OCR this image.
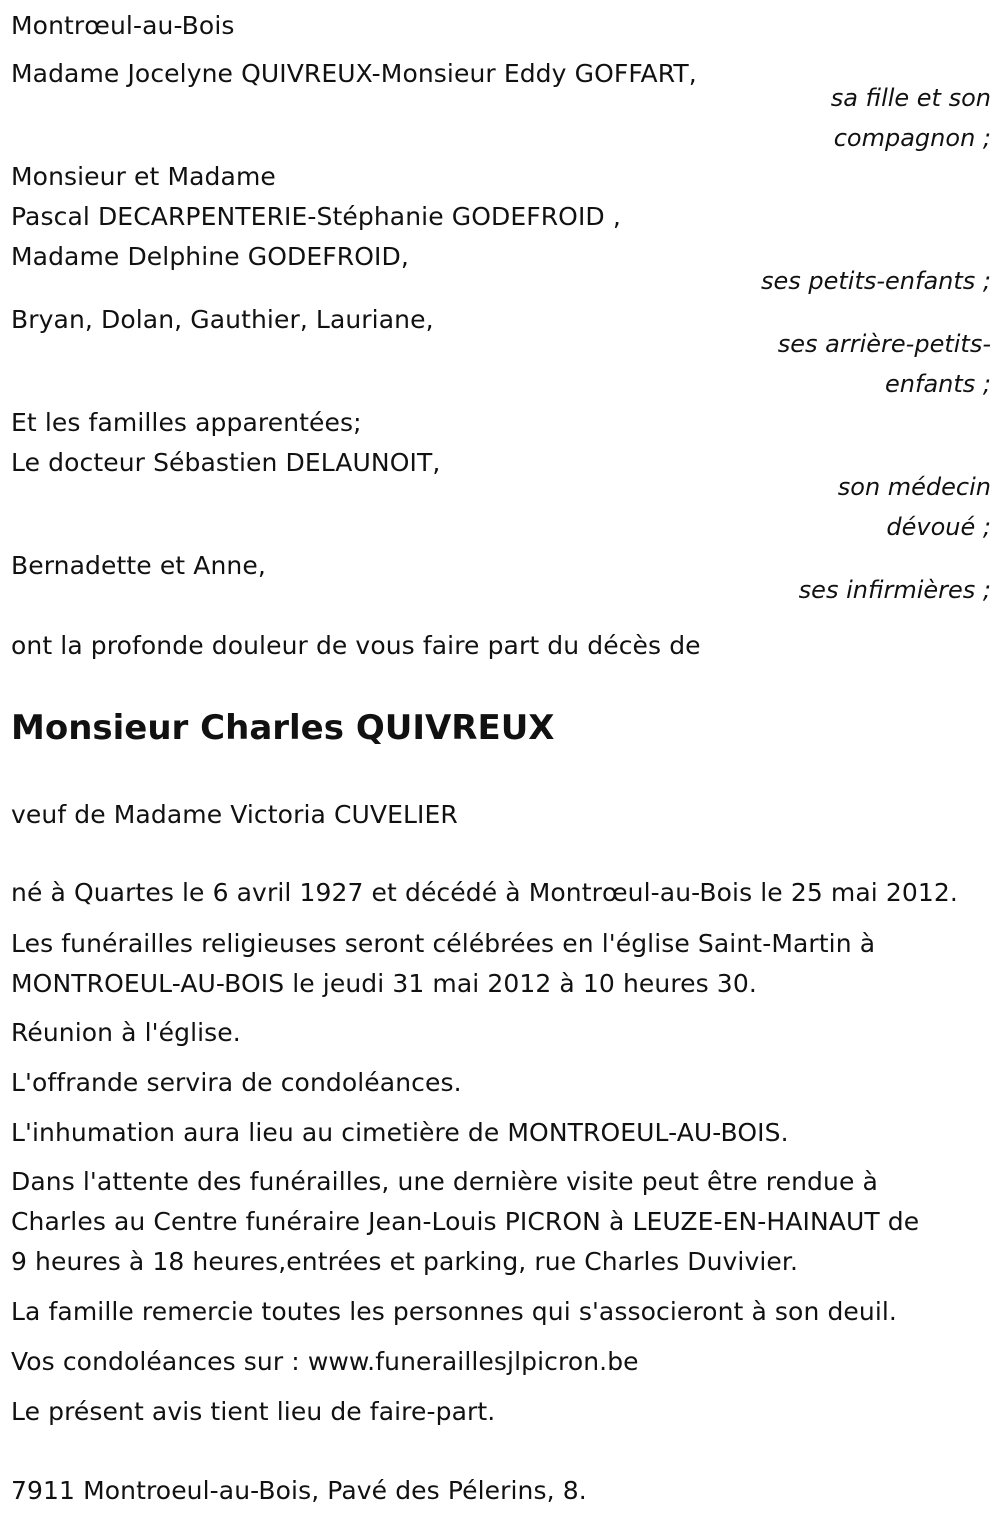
Montrœul-au-Bois
Madame Jocelyne QUIVREUX-Monsieur Eddy GOFFART,
sa fille et son
compagnon ;
Monsieur et Madame
Pascal DECARPENTERIE-Stéphanie GODEFROID ,
Madame Delphine GODEFROID,
ses petits-enfants ;
Bryan, Dolan, Gauthier, Lauriane,
ses arrière-petits-
enfants ;
Et les familles apparentées;
Le docteur Sébastien DELAUNOIT,
son médecin
dévoué ;
Bernadette et Anne,
ses infirmières ;
ont la profonde douleur de vous faire part du décès de
Monsieur Charles QUIVREUX
veuf de Madame Victoria CUVELIER
né à Quartes le 6 avril 1927 et décédé à Montrœul-au-Bois le 25 mai 2012.
Les funérailles religieuses seront célébrées en l'église Saint-Martin à
MONTROEUL-AU-BOIS le jeudi 31 mai 2012 à 10 heures 30.
Réunion à l'église.
L'offrande servira de condoléances.
L'inhumation aura lieu au cimetière de MONTROEUL-AU-BOIS.
Dans l'attente des funérailles, une dernière visite peut être rendue à
Charles au Centre funéraire Jean-Louis PICRON à LEUZE-EN-HAINAUT de
9 heures à 18 heures,entrées et parking, rue Charles Duvivier.
La famille remercie toutes les personnes qui s'associeront à son deuil.
Vos condoléances sur : www.funeraillesjlpicron.be
Le présent avis tient lieu de faire-part.
7911 Montroeul-au-Bois, Pavé des Pélerins, 8.
